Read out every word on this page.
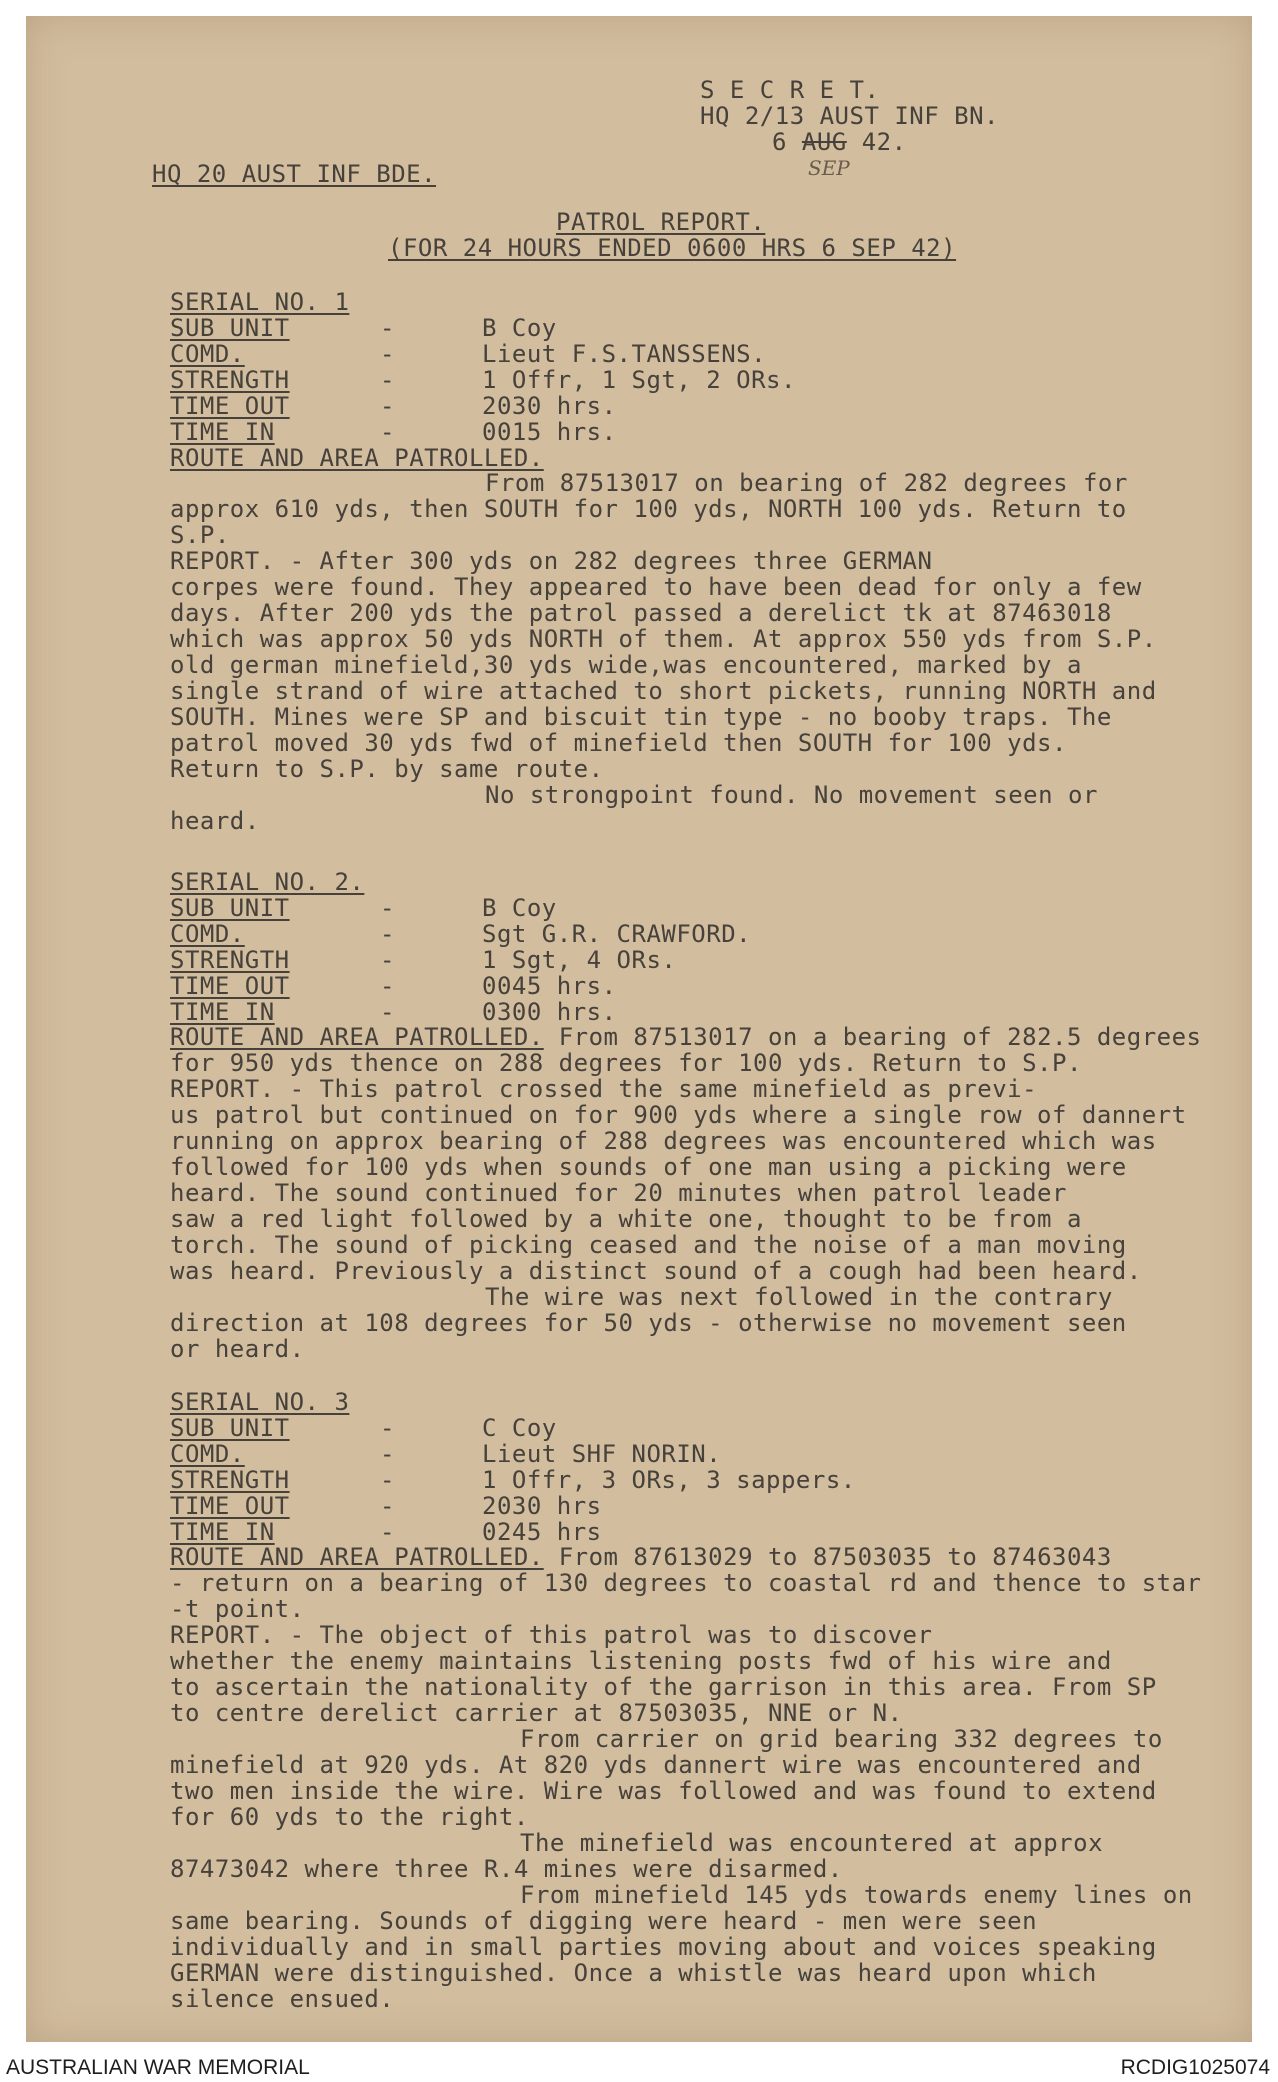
S E C R E T.
HQ 2/13 AUST INF BN.
6 AUG 42.
SEP
HQ 20 AUST INF BDE.
PATROL REPORT.
(FOR 24 HOURS ENDED 0600 HRS 6 SEP 42)
SERIAL NO. 1
SUB UNIT	-	B Coy
COMD.	-	Lieut F.S.TANSSENS.
STRENGTH	-	1 Offr, 1 Sgt, 2 ORs.
TIME OUT	-	2030 hrs.
TIME IN	-	0015 hrs.
ROUTE AND AREA PATROLLED.
From 87513017 on bearing of 282 degrees for
approx 610 yds, then SOUTH for 100 yds, NORTH 100 yds. Return to
S.P.
REPORT. - After 300 yds on 282 degrees three GERMAN
corpes were found. They appeared to have been dead for only a few
days. After 200 yds the patrol passed a derelict tk at 87463018
which was approx 50 yds NORTH of them. At approx 550 yds from S.P.
old german minefield,30 yds wide,was encountered, marked by a
single strand of wire attached to short pickets, running NORTH and
SOUTH. Mines were SP and biscuit tin type - no booby traps. The
patrol moved 30 yds fwd of minefield then SOUTH for 100 yds.
Return to S.P. by same route.
No strongpoint found. No movement seen or
heard.
SERIAL NO. 2.
SUB UNIT	-	B Coy
COMD.	-	Sgt G.R. CRAWFORD.
STRENGTH	-	1 Sgt, 4 ORs.
TIME OUT	-	0045 hrs.
TIME IN	-	0300 hrs.
ROUTE AND AREA PATROLLED. From 87513017 on a bearing of 282.5 degrees
for 950 yds thence on 288 degrees for 100 yds. Return to S.P.
REPORT. - This patrol crossed the same minefield as previ-
us patrol but continued on for 900 yds where a single row of dannert
running on approx bearing of 288 degrees was encountered which was
followed for 100 yds when sounds of one man using a picking were
heard. The sound continued for 20 minutes when patrol leader
saw a red light followed by a white one, thought to be from a
torch. The sound of picking ceased and the noise of a man moving
was heard. Previously a distinct sound of a cough had been heard.
The wire was next followed in the contrary
direction at 108 degrees for 50 yds - otherwise no movement seen
or heard.
SERIAL NO. 3
SUB UNIT	-	C Coy
COMD.	-	Lieut SHF NORIN.
STRENGTH	-	1 Offr, 3 ORs, 3 sappers.
TIME OUT	-	2030 hrs
TIME IN	-	0245 hrs
ROUTE AND AREA PATROLLED. From 87613029 to 87503035 to 87463043
- return on a bearing of 130 degrees to coastal rd and thence to star
-t point.
REPORT. - The object of this patrol was to discover
whether the enemy maintains listening posts fwd of his wire and
to ascertain the nationality of the garrison in this area. From SP
to centre derelict carrier at 87503035, NNE or N.
From carrier on grid bearing 332 degrees to
minefield at 920 yds. At 820 yds dannert wire was encountered and
two men inside the wire. Wire was followed and was found to extend
for 60 yds to the right.
The minefield was encountered at approx
87473042 where three R.4 mines were disarmed.
From minefield 145 yds towards enemy lines on
same bearing. Sounds of digging were heard - men were seen
individually and in small parties moving about and voices speaking
GERMAN were distinguished. Once a whistle was heard upon which
silence ensued.
AUSTRALIAN WAR MEMORIAL	RCDIG1025074
